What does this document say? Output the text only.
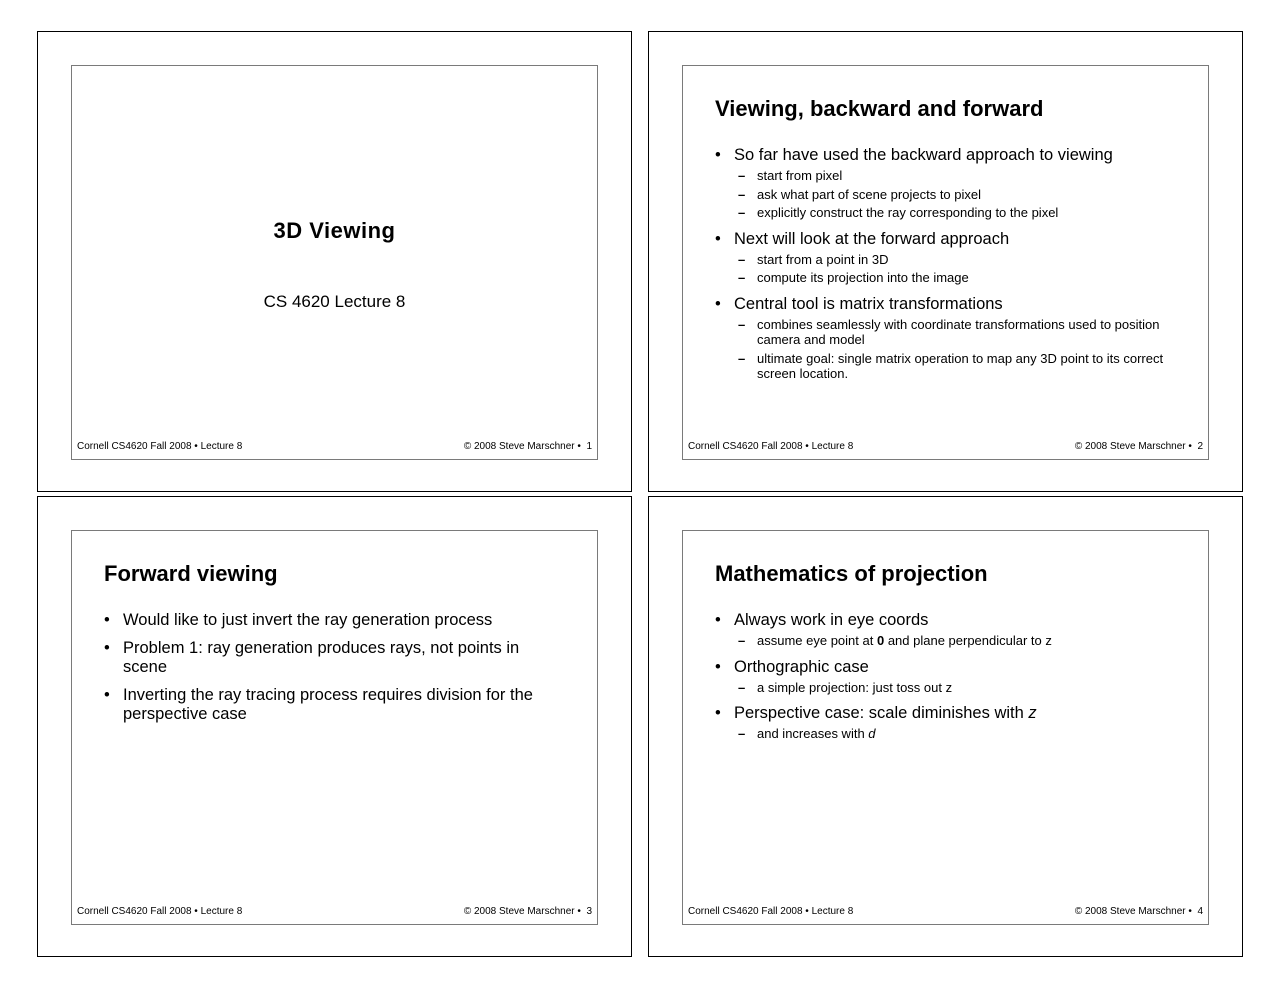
3D Viewing
CS 4620 Lecture 8
Cornell CS4620 Fall 2008 • Lecture 8	© 2008 Steve Marschner • 1
Viewing, backward and forward
• So far have used the backward approach to viewing
– start from pixel
– ask what part of scene projects to pixel
– explicitly construct the ray corresponding to the pixel
• Next will look at the forward approach
– start from a point in 3D
– compute its projection into the image
• Central tool is matrix transformations
– combines seamlessly with coordinate transformations used to position camera and model
– ultimate goal: single matrix operation to map any 3D point to its correct screen location.
Cornell CS4620 Fall 2008 • Lecture 8	© 2008 Steve Marschner • 2
Forward viewing
• Would like to just invert the ray generation process
• Problem 1: ray generation produces rays, not points in scene
• Inverting the ray tracing process requires division for the perspective case
Cornell CS4620 Fall 2008 • Lecture 8	© 2008 Steve Marschner • 3
Mathematics of projection
• Always work in eye coords
– assume eye point at 0 and plane perpendicular to z
• Orthographic case
– a simple projection: just toss out z
• Perspective case: scale diminishes with z
– and increases with d
Cornell CS4620 Fall 2008 • Lecture 8	© 2008 Steve Marschner • 4
